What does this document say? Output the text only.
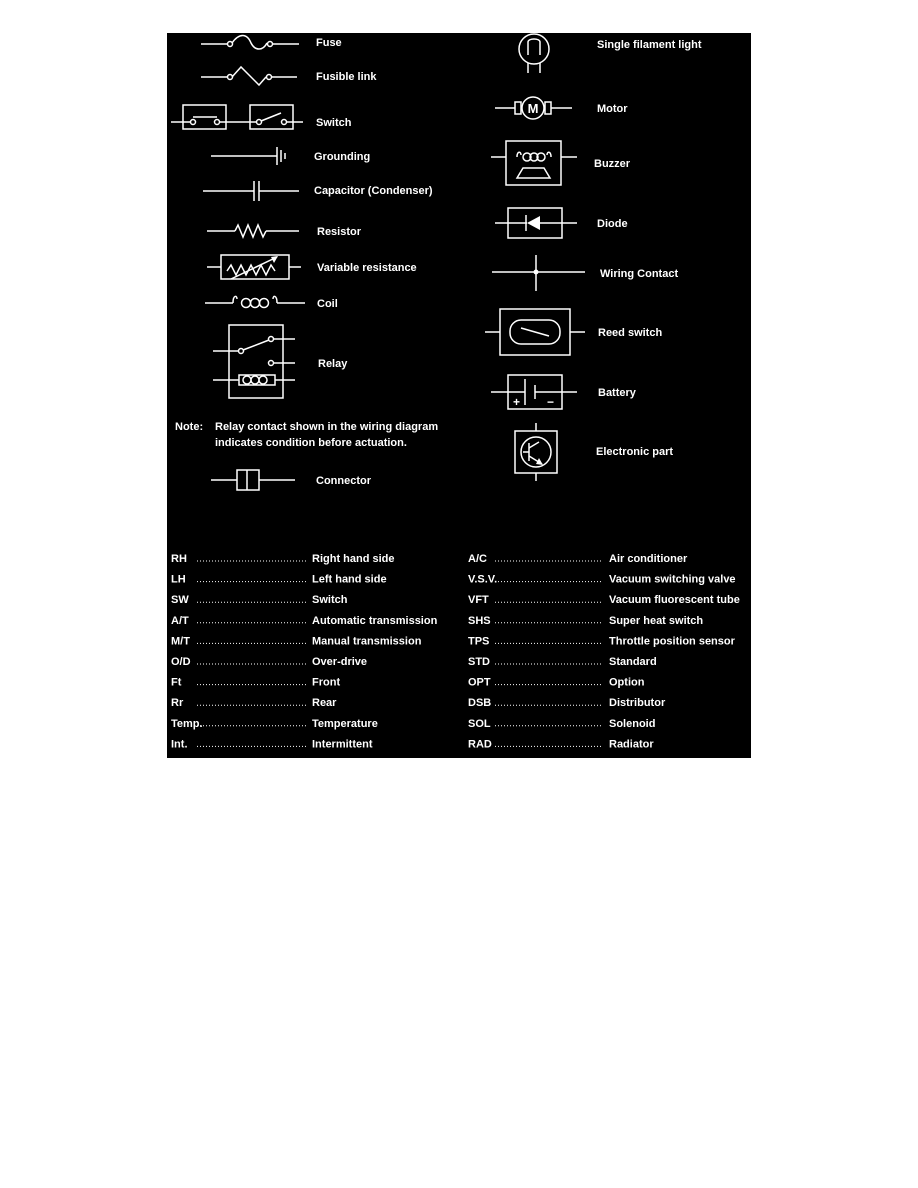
Fuse
Fusible link
Switch
Grounding
Capacitor (Condenser)
Resistor
Variable resistance
Coil
Relay
Note: Relay contact shown in the wiring diagram
indicates condition before actuation.
Connector
Single filament light
M	Motor
Buzzer
Diode
Wiring Contact
Reed switch
+ −
Battery
Electronic part
RH	Right hand side
LH	Left hand side
SW	Switch
A/T	Automatic transmission
M/T	Manual transmission
O/D	Over-drive
Ft	Front
Rr	Rear
Temp.	Temperature
Int.	Intermittent
A/C	Air conditioner
V.S.V.	Vacuum switching valve
VFT	Vacuum fluorescent tube
SHS	Super heat switch
TPS	Throttle position sensor
STD	Standard
OPT	Option
DSB	Distributor
SOL	Solenoid
RAD	Radiator
